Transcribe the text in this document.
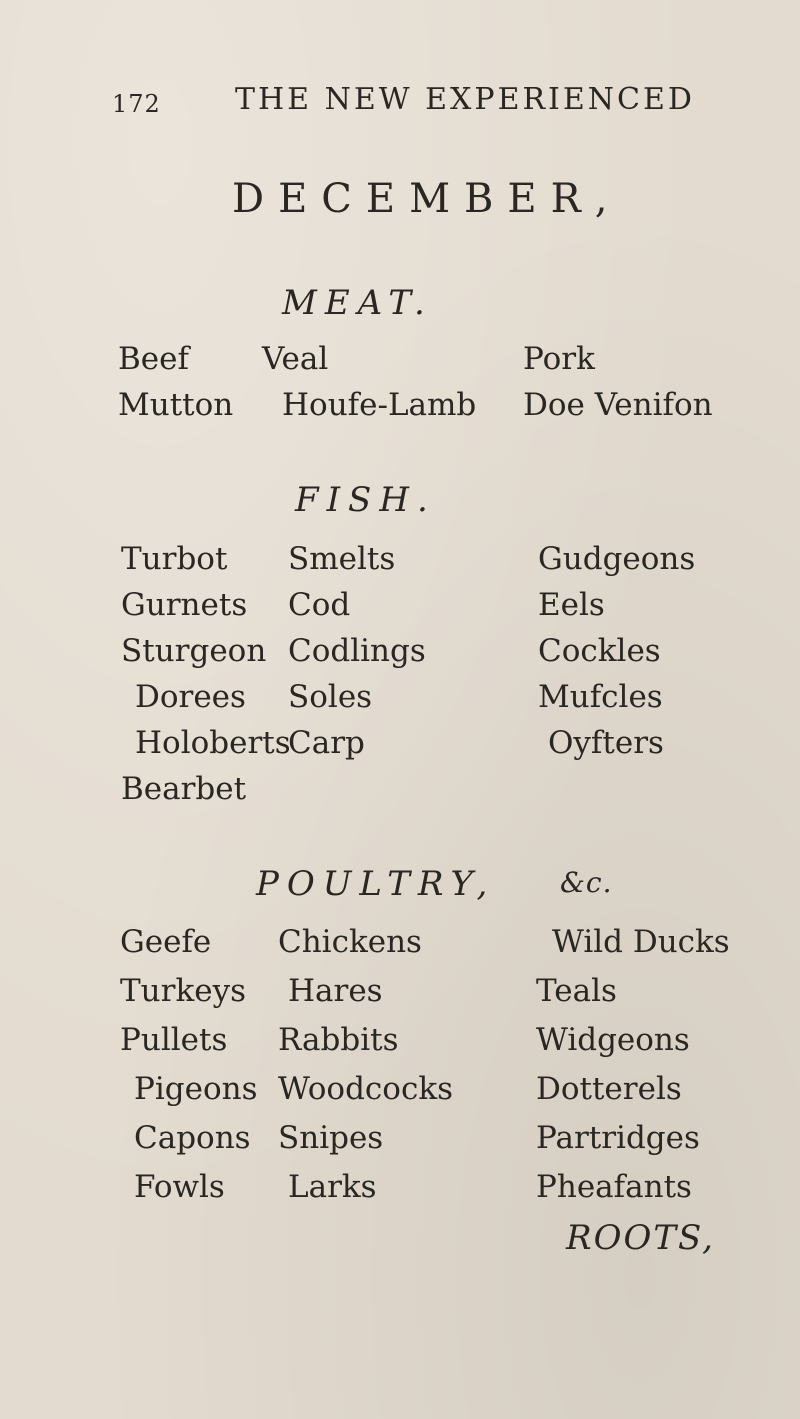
172 THE NEW EXPERIENCED
DECEMBER,
MEAT.
Beef
Mutton
Veal
Houfe-Lamb
Pork
Doe Venifon
FISH.
Turbot
Gurnets
Sturgeon
Dorees
Holoberts
Bearbet
Smelts
Cod
Codlings
Soles
Carp
Gudgeons
Eels
Cockles
Mufcles
Oyfters
POULTRY, &c.
Geefe
Turkeys
Pullets
Pigeons
Capons
Fowls
Chickens
Hares
Rabbits
Woodcocks
Snipes
Larks
Wild Ducks
Teals
Widgeons
Dotterels
Partridges
Pheafants
ROOTS,
